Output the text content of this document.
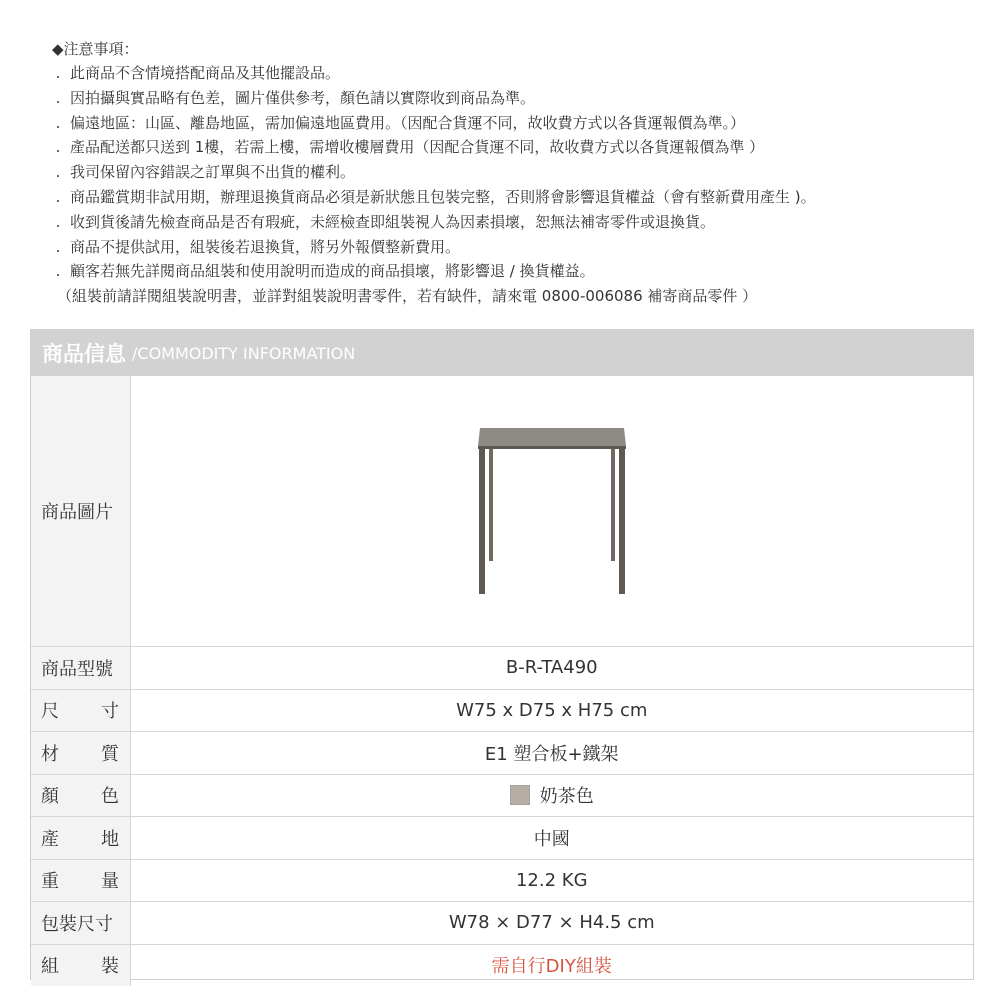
◆注意事項：
. 此商品不含情境搭配商品及其他擺設品。
. 因拍攝與實品略有色差，圖片僅供參考，顏色請以實際收到商品為準。
. 偏遠地區：山區、離島地區，需加偏遠地區費用。（因配合貨運不同，故收費方式以各貨運報價為準。）
. 產品配送都只送到 1樓，若需上樓，需增收樓層費用（因配合貨運不同，故收費方式以各貨運報價為準 ）
. 我司保留內容錯誤之訂單與不出貨的權利。
. 商品鑑賞期非試用期，辦理退換貨商品必須是新狀態且包裝完整，否則將會影響退貨權益（會有整新費用產生 )。
. 收到貨後請先檢查商品是否有瑕疵，未經檢查即組裝視人為因素損壞，恕無法補寄零件或退換貨。
. 商品不提供試用，組裝後若退換貨，將另外報價整新費用。
. 顧客若無先詳閱商品組裝和使用說明而造成的商品損壞，將影響退 / 換貨權益。
（組裝前請詳閱組裝說明書，並詳對組裝說明書零件，若有缺件，請來電 0800-006086 補寄商品零件 ）
商品信息 /COMMODITY INFORMATION
商品圖片	

商品型號	B-R-TA490

尺 寸	W75 x D75 x H75 cm

材 質	E1 塑合板+鐵架

顏 色	奶茶色

產 地	中國

重 量	12.2 KG
包裝尺寸	W78 × D77 × H4.5 cm

組 裝	需自行DIY組裝
